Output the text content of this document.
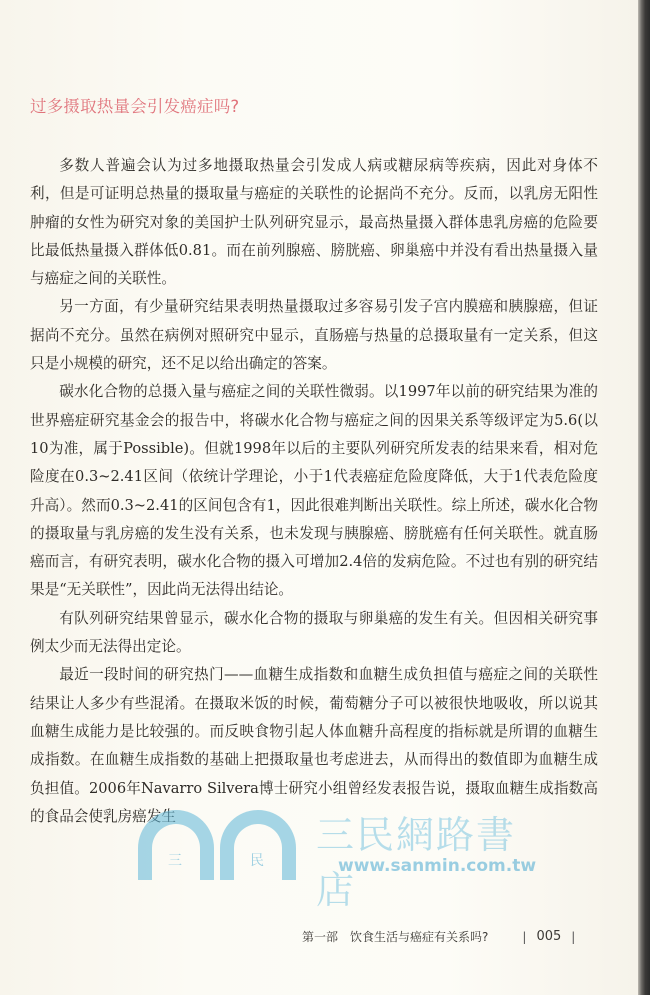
过多摄取热量会引发癌症吗?

多数人普遍会认为过多地摄取热量会引发成人病或糖尿病等疾病，因此对身体不利，但是可证明总热量的摄取量与癌症的关联性的论据尚不充分。反而，以乳房无阳性肿瘤的女性为研究对象的美国护士队列研究显示，最高热量摄入群体患乳房癌的危险要比最低热量摄入群体低0.81。而在前列腺癌、膀胱癌、卵巢癌中并没有看出热量摄入量与癌症之间的关联性。

另一方面，有少量研究结果表明热量摄取过多容易引发子宫内膜癌和胰腺癌，但证据尚不充分。虽然在病例对照研究中显示，直肠癌与热量的总摄取量有一定关系，但这只是小规模的研究，还不足以给出确定的答案。

碳水化合物的总摄入量与癌症之间的关联性微弱。以1997年以前的研究结果为准的世界癌症研究基金会的报告中，将碳水化合物与癌症之间的因果关系等级评定为5.6(以10为准，属于Possible)。但就1998年以后的主要队列研究所发表的结果来看，相对危险度在0.3~2.41区间（依统计学理论，小于1代表癌症危险度降低，大于1代表危险度升高）。然而0.3~2.41的区间包含有1，因此很难判断出关联性。综上所述，碳水化合物的摄取量与乳房癌的发生没有关系，也未发现与胰腺癌、膀胱癌有任何关联性。就直肠癌而言，有研究表明，碳水化合物的摄入可增加2.4倍的发病危险。不过也有别的研究结果是“无关联性”，因此尚无法得出结论。

有队列研究结果曾显示，碳水化合物的摄取与卵巢癌的发生有关。但因相关研究事例太少而无法得出定论。

最近一段时间的研究热门——血糖生成指数和血糖生成负担值与癌症之间的关联性结果让人多少有些混淆。在摄取米饭的时候，葡萄糖分子可以被很快地吸收，所以说其血糖生成能力是比较强的。而反映食物引起人体血糖升高程度的指标就是所谓的血糖生成指数。在血糖生成指数的基础上把摄取量也考虑进去，从而得出的数值即为血糖生成负担值。2006年Navarro Silvera博士研究小组曾经发表报告说，摄取血糖生成指数高的食品会使乳房癌发生

三	民
三民網路書店
www.sanmin.com.tw
第一部 饮食生活与癌症有关系吗?	| 005 |
